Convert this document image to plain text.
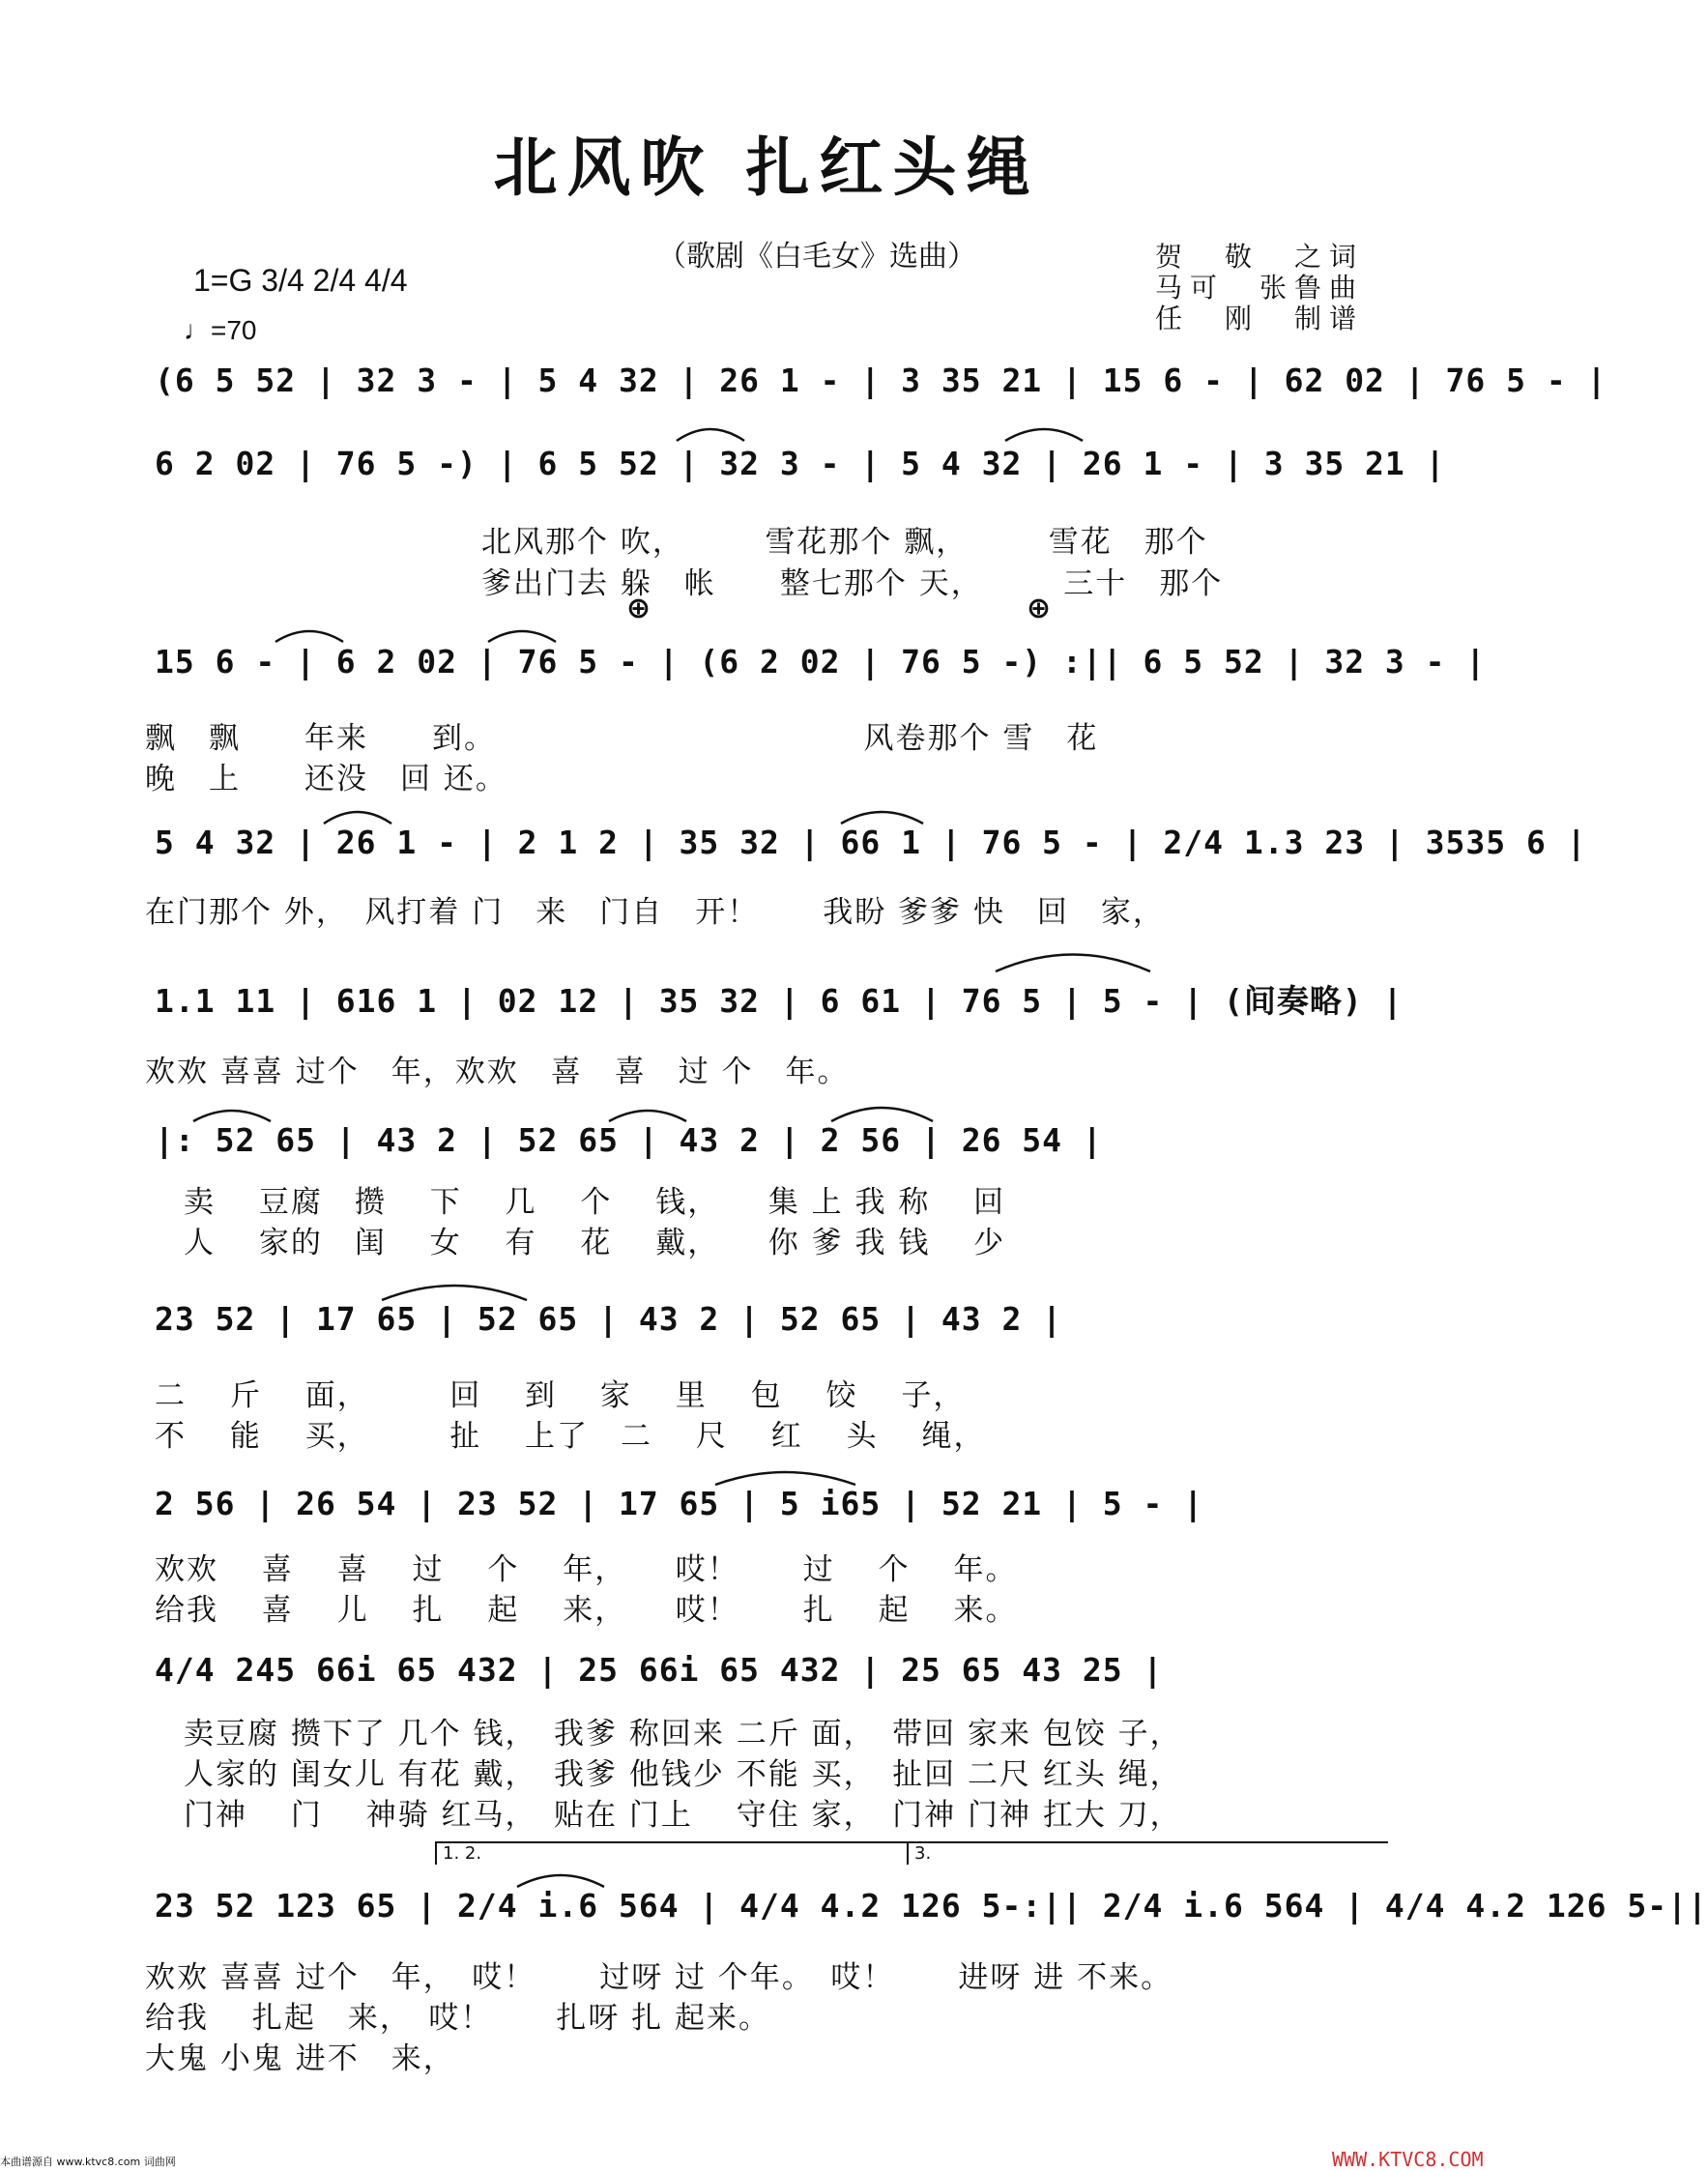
北风吹 扎红头绳
（歌剧《白毛女》选曲）	贺　敬　之词
马可　张鲁曲
任　刚　制谱
1=G 3/4 2/4 4/4
♩=70
(6 5 52 | 32 3 - | 5 4 32 | 26 1 - | 3 35 21 | 15 6 - | 62 02 | 76 5 - |
6 2 02 | 76 5 -) | 6 5 52 | 32 3 - | 5 4 32 | 26 1 - | 3 35 21 |
15 6 - | 6 2 02 | 76 5 - | (6 2 02 | 76 5 -) :|| 6 5 52 | 32 3 - |
5 4 32 | 26 1 - | 2 1 2 | 35 32 | 66 1 | 76 5 - | 2/4 1.3 23 | 3535 6 |
1.1 11 | 616 1 | 02 12 | 35 32 | 6 61 | 76 5 | 5 - | (间奏略) |
|: 52 65 | 43 2 | 52 65 | 43 2 | 2 56 | 26 54 |
23 52 | 17 65 | 52 65 | 43 2 | 52 65 | 43 2 |
2 56 | 26 54 | 23 52 | 17 65 | 5 i65 | 52 21 | 5 - |
4/4 245 66i 65 432 | 25 66i 65 432 | 25 65 43 25 |
23 52 123 65 | 2/4 i.6 564 | 4/4 4.2 126 5-:|| 2/4 i.6 564 | 4/4 4.2 126 5-||
⊕	⊕
1. 2.	3.
北风那个 吹，　　　雪花那个 飘，　　　雪花　那个
爹出门去 躲　帐　　整七那个 天，　　　三十　那个
飘　飘　　年来　　到。　　　　　　　　　　　　风卷那个 雪　花
晚　上　　还没　回 还。
在门那个 外，　风打着 门　来　门自　开！　　我盼 爹爹 快　回　家，
欢欢 喜喜 过个　年，欢欢　喜　喜　过 个　年。
卖　 豆腐　攒　 下　 几　 个　 钱，　　集 上 我 称　 回
人　 家的　闺　 女　 有　 花　 戴，　　你 爹 我 钱　 少
二　 斤　 面，　　　回　 到　 家　 里　 包　 饺　 子，
不　 能　 买，　　　扯　 上了　二　 尺　 红　 头　 绳，
欢欢　 喜　 喜　 过　 个　 年，　　哎！　　过　 个　 年。
给我　 喜　 儿　 扎　 起　 来，　　哎！　　扎　 起　 来。
卖豆腐 攒下了 几个 钱，　我爹 称回来 二斤 面，　带回 家来 包饺 子，
人家的 闺女儿 有花 戴，　我爹 他钱少 不能 买，　扯回 二尺 红头 绳，
门神　 门　 神骑 红马，　贴在 门上　 守住 家，　门神 门神 扛大 刀，
欢欢 喜喜 过个　年，　哎！　　过呀 过 个年。　哎！　　进呀 进 不来。
给我　 扎起　来，　哎！　　扎呀 扎 起来。
大鬼 小鬼 进不　来，
本曲谱源自 www.ktvc8.com 词曲网	WWW.KTVC8.COM
